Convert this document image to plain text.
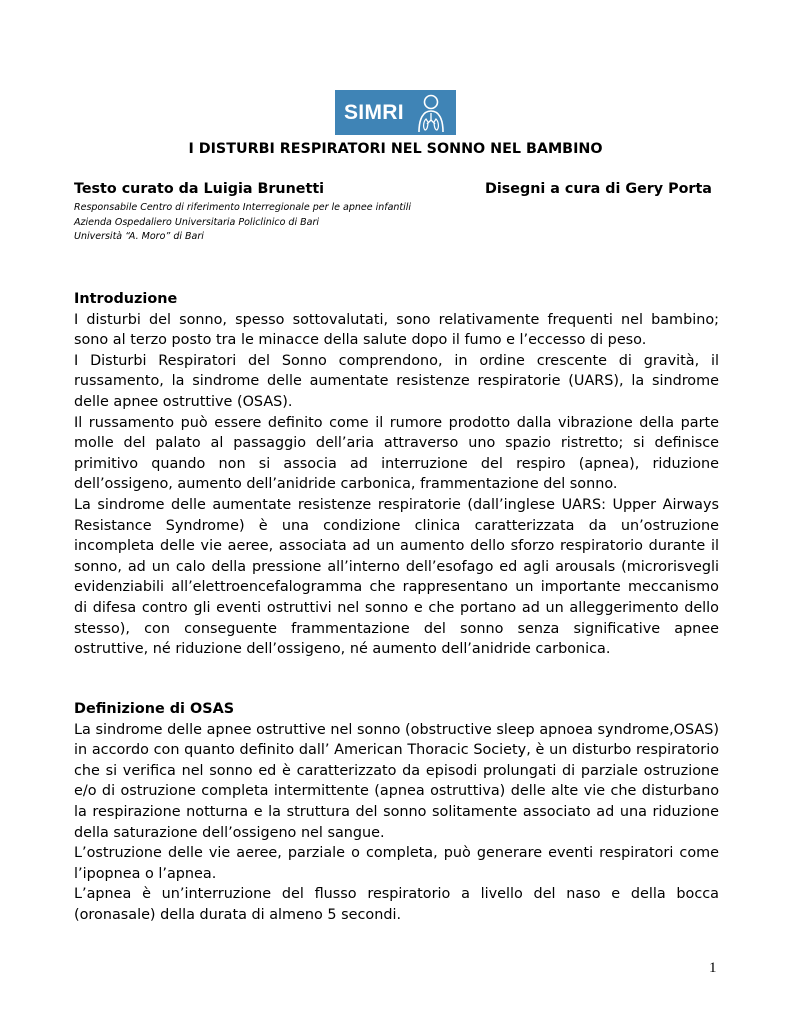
SIMRI
I DISTURBI RESPIRATORI NEL SONNO NEL BAMBINO
Testo curato da Luigia Brunetti	Disegni a cura di Gery Porta
Responsabile Centro di riferimento Interregionale per le apnee infantili
Azienda Ospedaliero Universitaria Policlinico di Bari
Università “A. Moro” di Bari
Introduzione

I disturbi del sonno, spesso sottovalutati, sono relativamente frequenti nel bambino; sono al terzo posto tra le minacce della salute dopo il fumo e l’eccesso di peso.

I Disturbi Respiratori del Sonno comprendono, in ordine crescente di gravità, il russamento, la sindrome delle aumentate resistenze respiratorie (UARS), la sindrome delle apnee ostruttive (OSAS).

Il russamento può essere definito come il rumore prodotto dalla vibrazione della parte molle del palato al passaggio dell’aria attraverso uno spazio ristretto; si definisce primitivo quando non si associa ad interruzione del respiro (apnea), riduzione dell’ossigeno, aumento dell’anidride carbonica, frammentazione del sonno.

La sindrome delle aumentate resistenze respiratorie (dall’inglese UARS: Upper Airways Resistance Syndrome) è una condizione clinica caratterizzata da un’ostruzione incompleta delle vie aeree, associata ad un aumento dello sforzo respiratorio durante il sonno, ad un calo della pressione all’interno dell’esofago ed agli arousals (microrisvegli evidenziabili all’elettroencefalogramma che rappresentano un importante meccanismo di difesa contro gli eventi ostruttivi nel sonno e che portano ad un alleggerimento dello stesso), con conseguente frammentazione del sonno senza significative apnee ostruttive, né riduzione dell’ossigeno, né aumento dell’anidride carbonica.

Definizione di OSAS

La sindrome delle apnee ostruttive nel sonno (obstructive sleep apnoea syndrome,OSAS) in accordo con quanto definito dall’ American Thoracic Society, è un disturbo respiratorio che si verifica nel sonno ed è caratterizzato da episodi prolungati di parziale ostruzione e/o di ostruzione completa intermittente (apnea ostruttiva) delle alte vie che disturbano la respirazione notturna e la struttura del sonno solitamente associato ad una riduzione della saturazione dell’ossigeno nel sangue.

L’ostruzione delle vie aeree, parziale o completa, può generare eventi respiratori come l’ipopnea o l’apnea.

L’apnea è un’interruzione del flusso respiratorio a livello del naso e della bocca (oronasale) della durata di almeno 5 secondi.

1
